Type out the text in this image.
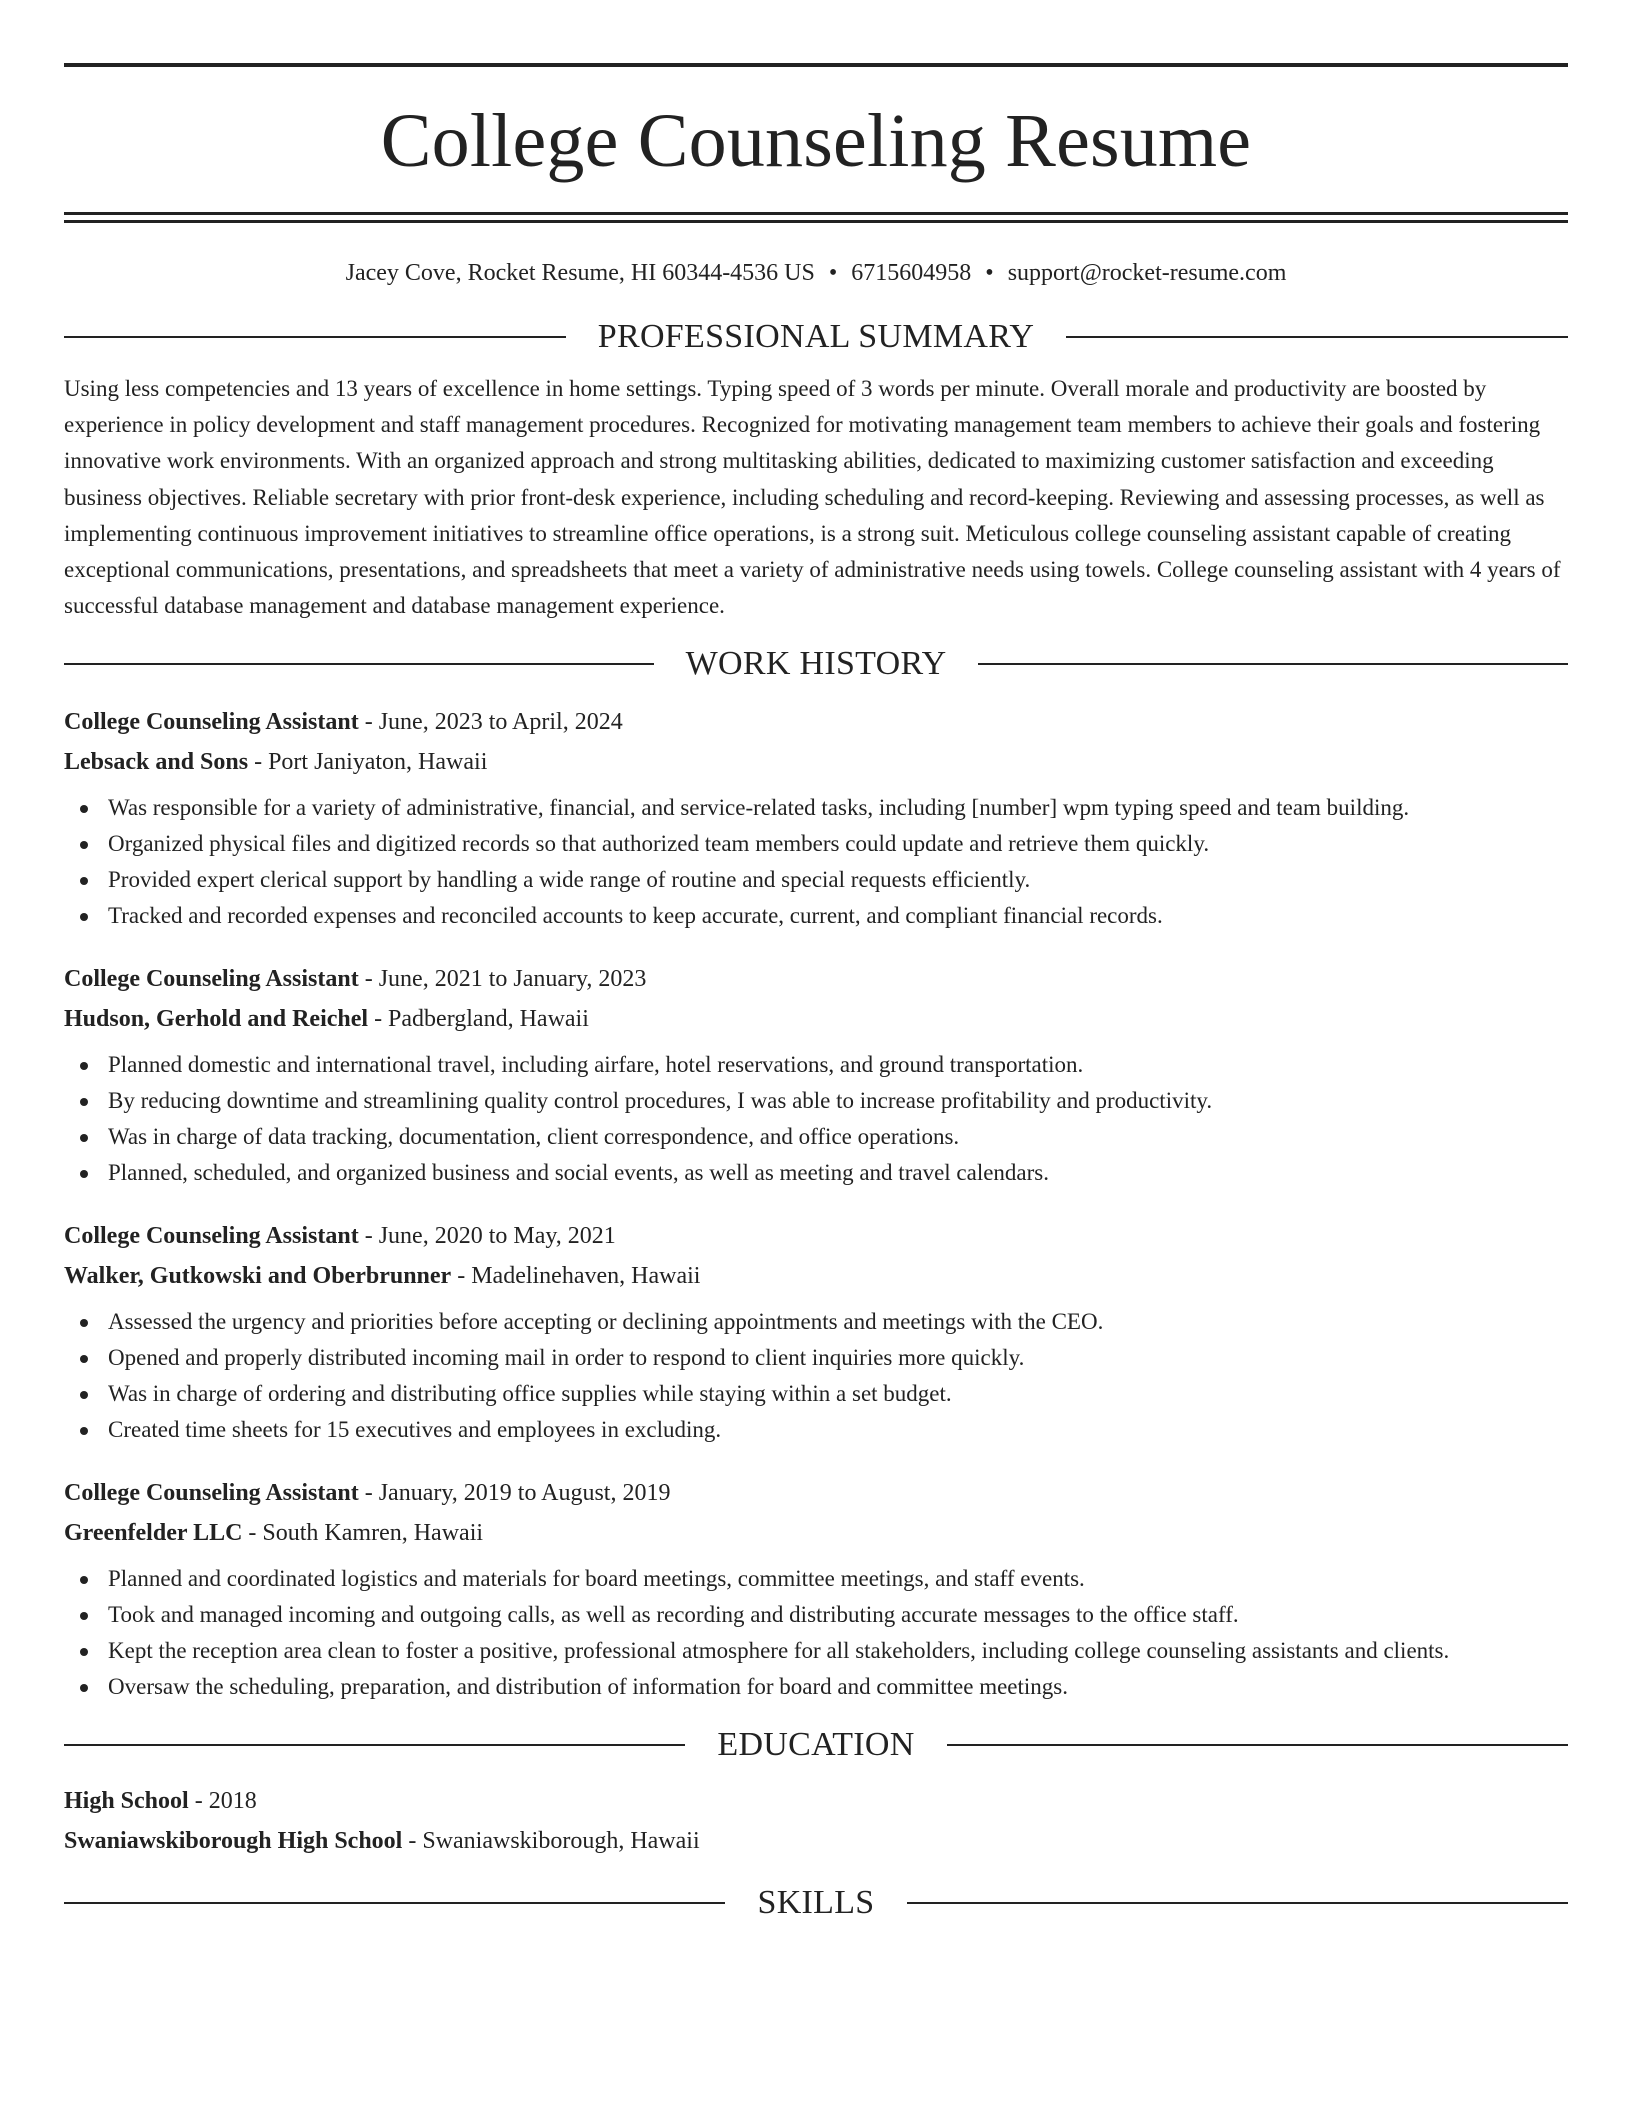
College Counseling Resume
Jacey Cove, Rocket Resume, HI 60344-4536 US • 6715604958 • support@rocket-resume.com
PROFESSIONAL SUMMARY

Using less competencies and 13 years of excellence in home settings. Typing speed of 3 words per minute. Overall morale and productivity are boosted by experience in policy development and staff management procedures. Recognized for motivating management team members to achieve their goals and fostering innovative work environments. With an organized approach and strong multitasking abilities, dedicated to maximizing customer satisfaction and exceeding business objectives. Reliable secretary with prior front-desk experience, including scheduling and record-keeping. Reviewing and assessing processes, as well as implementing continuous improvement initiatives to streamline office operations, is a strong suit. Meticulous college counseling assistant capable of creating exceptional communications, presentations, and spreadsheets that meet a variety of administrative needs using towels. College counseling assistant with 4 years of successful database management and database management experience.

WORK HISTORY
College Counseling Assistant - June, 2023 to April, 2024
Lebsack and Sons - Port Janiyaton, Hawaii
Was responsible for a variety of administrative, financial, and service-related tasks, including [number] wpm typing speed and team building.
Organized physical files and digitized records so that authorized team members could update and retrieve them quickly.
Provided expert clerical support by handling a wide range of routine and special requests efficiently.
Tracked and recorded expenses and reconciled accounts to keep accurate, current, and compliant financial records.
College Counseling Assistant - June, 2021 to January, 2023
Hudson, Gerhold and Reichel - Padbergland, Hawaii
Planned domestic and international travel, including airfare, hotel reservations, and ground transportation.
By reducing downtime and streamlining quality control procedures, I was able to increase profitability and productivity.
Was in charge of data tracking, documentation, client correspondence, and office operations.
Planned, scheduled, and organized business and social events, as well as meeting and travel calendars.
College Counseling Assistant - June, 2020 to May, 2021
Walker, Gutkowski and Oberbrunner - Madelinehaven, Hawaii
Assessed the urgency and priorities before accepting or declining appointments and meetings with the CEO.
Opened and properly distributed incoming mail in order to respond to client inquiries more quickly.
Was in charge of ordering and distributing office supplies while staying within a set budget.
Created time sheets for 15 executives and employees in excluding.
College Counseling Assistant - January, 2019 to August, 2019
Greenfelder LLC - South Kamren, Hawaii
Planned and coordinated logistics and materials for board meetings, committee meetings, and staff events.
Took and managed incoming and outgoing calls, as well as recording and distributing accurate messages to the office staff.
Kept the reception area clean to foster a positive, professional atmosphere for all stakeholders, including college counseling assistants and clients.
Oversaw the scheduling, preparation, and distribution of information for board and committee meetings.
EDUCATION
High School - 2018
Swaniawskiborough High School - Swaniawskiborough, Hawaii
SKILLS
